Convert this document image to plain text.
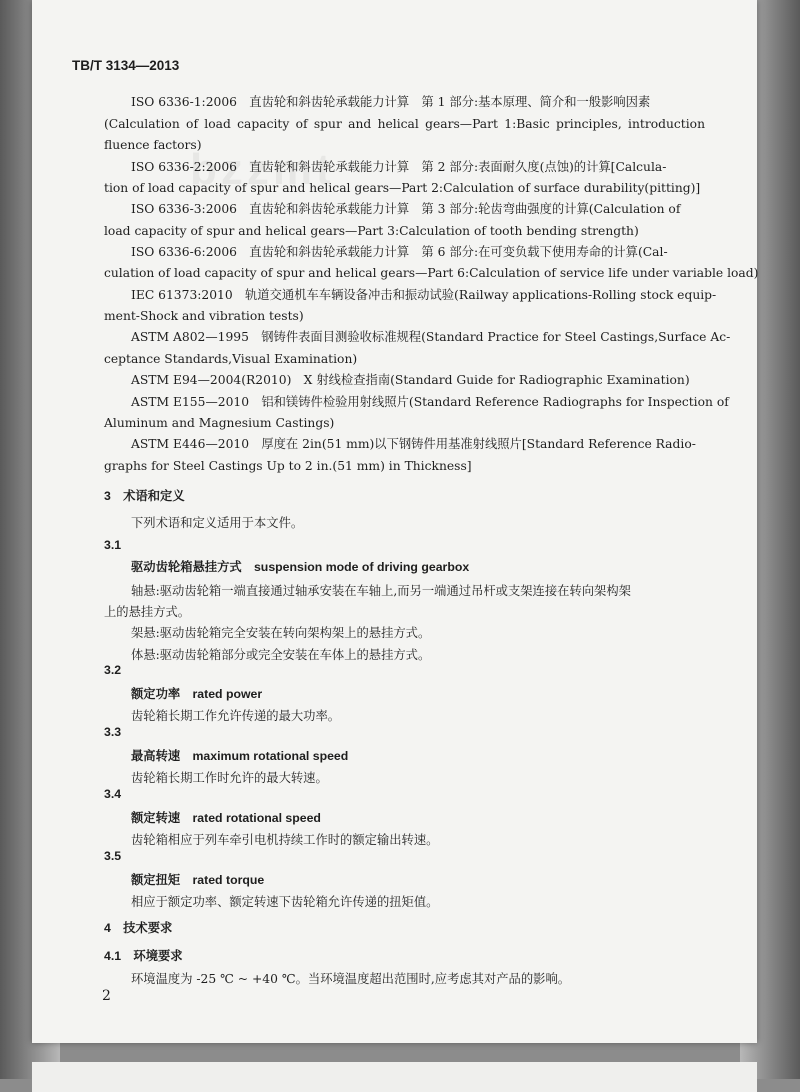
bzzmt
TB/T 3134—2013
ISO 6336-1:2006　直齿轮和斜齿轮承载能力计算　第 1 部分:基本原理、简介和一般影响因素
(Calculation of load capacity of spur and helical gears—Part 1:Basic principles, introduction
fluence factors)
ISO 6336-2:2006　直齿轮和斜齿轮承载能力计算　第 2 部分:表面耐久度(点蚀)的计算[Calcula-
tion of load capacity of spur and helical gears—Part 2:Calculation of surface durability(pitting)]
ISO 6336-3:2006　直齿轮和斜齿轮承载能力计算　第 3 部分:轮齿弯曲强度的计算(Calculation of
load capacity of spur and helical gears—Part 3:Calculation of tooth bending strength)
ISO 6336-6:2006　直齿轮和斜齿轮承载能力计算　第 6 部分:在可变负载下使用寿命的计算(Cal-
culation of load capacity of spur and helical gears—Part 6:Calculation of service life under variable load)
IEC 61373:2010　轨道交通机车车辆设备冲击和振动试验(Railway applications-Rolling stock equip-
ment-Shock and vibration tests)
ASTM A802—1995　钢铸件表面目测验收标准规程(Standard Practice for Steel Castings,Surface Ac-
ceptance Standards,Visual Examination)
ASTM E94—2004(R2010)　X 射线检查指南(Standard Guide for Radiographic Examination)
ASTM E155—2010　铝和镁铸件检验用射线照片(Standard Reference Radiographs for Inspection of
Aluminum and Magnesium Castings)
ASTM E446—2010　厚度在 2in(51 mm)以下钢铸件用基准射线照片[Standard Reference Radio-
graphs for Steel Castings Up to 2 in.(51 mm) in Thickness]
3　术语和定义
下列术语和定义适用于本文件。
3.1
驱动齿轮箱悬挂方式　suspension mode of driving gearbox
轴悬:驱动齿轮箱一端直接通过轴承安装在车轴上,而另一端通过吊杆或支架连接在转向架构架
上的悬挂方式。
架悬:驱动齿轮箱完全安装在转向架构架上的悬挂方式。
体悬:驱动齿轮箱部分或完全安装在车体上的悬挂方式。
3.2
额定功率　rated power
齿轮箱长期工作允许传递的最大功率。
3.3
最高转速　maximum rotational speed
齿轮箱长期工作时允许的最大转速。
3.4
额定转速　rated rotational speed
齿轮箱相应于列车牵引电机持续工作时的额定输出转速。
3.5
额定扭矩　rated torque
相应于额定功率、额定转速下齿轮箱允许传递的扭矩值。
4　技术要求
4.1　环境要求
环境温度为 -25 ℃ ~ +40 ℃。当环境温度超出范围时,应考虑其对产品的影响。
2
